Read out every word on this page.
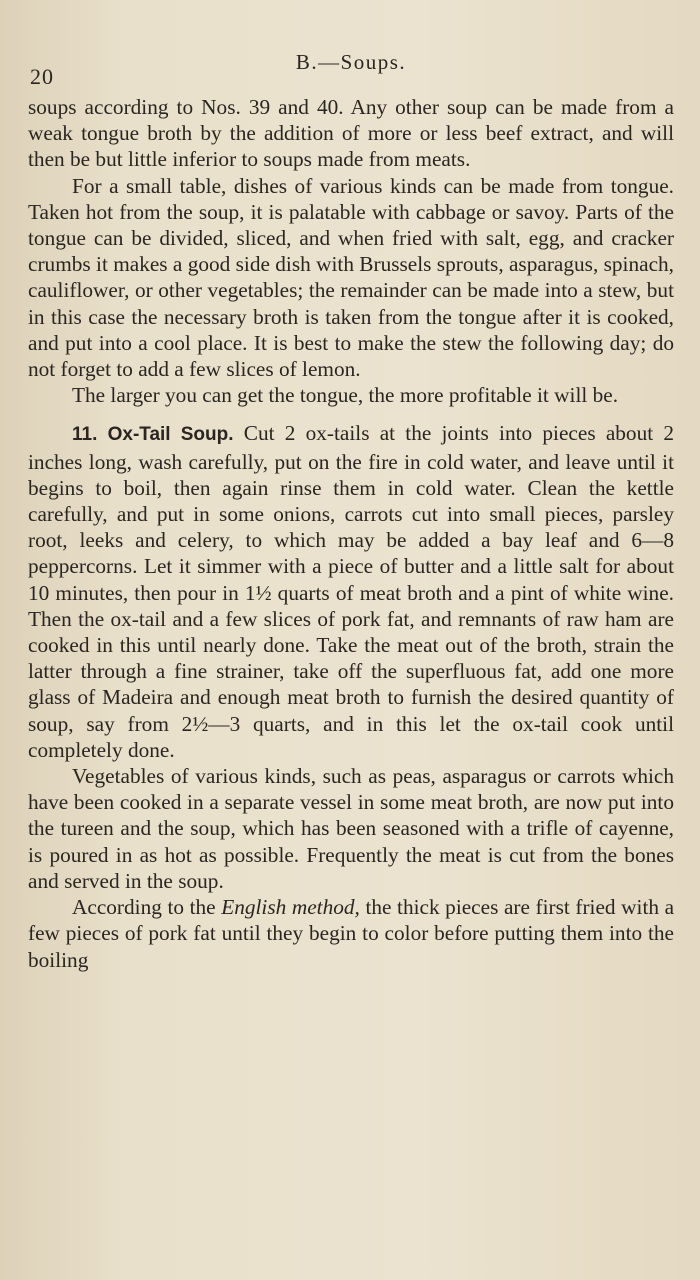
20
B.—Soups.

soups according to Nos. 39 and 40. Any other soup can be made from a weak tongue broth by the addition of more or less beef extract, and will then be but little inferior to soups made from meats.

For a small table, dishes of various kinds can be made from tongue. Taken hot from the soup, it is palatable with cabbage or savoy. Parts of the tongue can be divided, sliced, and when fried with salt, egg, and cracker crumbs it makes a good side dish with Brussels sprouts, asparagus, spinach, cauliflower, or other vegetables; the remainder can be made into a stew, but in this case the necessary broth is taken from the tongue after it is cooked, and put into a cool place. It is best to make the stew the following day; do not forget to add a few slices of lemon.

The larger you can get the tongue, the more profitable it will be.

11. Ox-Tail Soup. Cut 2 ox-tails at the joints into pieces about 2 inches long, wash carefully, put on the fire in cold water, and leave until it begins to boil, then again rinse them in cold water. Clean the kettle carefully, and put in some onions, carrots cut into small pieces, parsley root, leeks and celery, to which may be added a bay leaf and 6—8 peppercorns. Let it simmer with a piece of butter and a little salt for about 10 minutes, then pour in 1½ quarts of meat broth and a pint of white wine. Then the ox-tail and a few slices of pork fat, and remnants of raw ham are cooked in this until nearly done. Take the meat out of the broth, strain the latter through a fine strainer, take off the superfluous fat, add one more glass of Madeira and enough meat broth to furnish the desired quantity of soup, say from 2½—3 quarts, and in this let the ox-tail cook until completely done.

Vegetables of various kinds, such as peas, asparagus or carrots which have been cooked in a separate vessel in some meat broth, are now put into the tureen and the soup, which has been seasoned with a trifle of cayenne, is poured in as hot as possible. Frequently the meat is cut from the bones and served in the soup.

According to the English method, the thick pieces are first fried with a few pieces of pork fat until they begin to color before putting them into the boiling
